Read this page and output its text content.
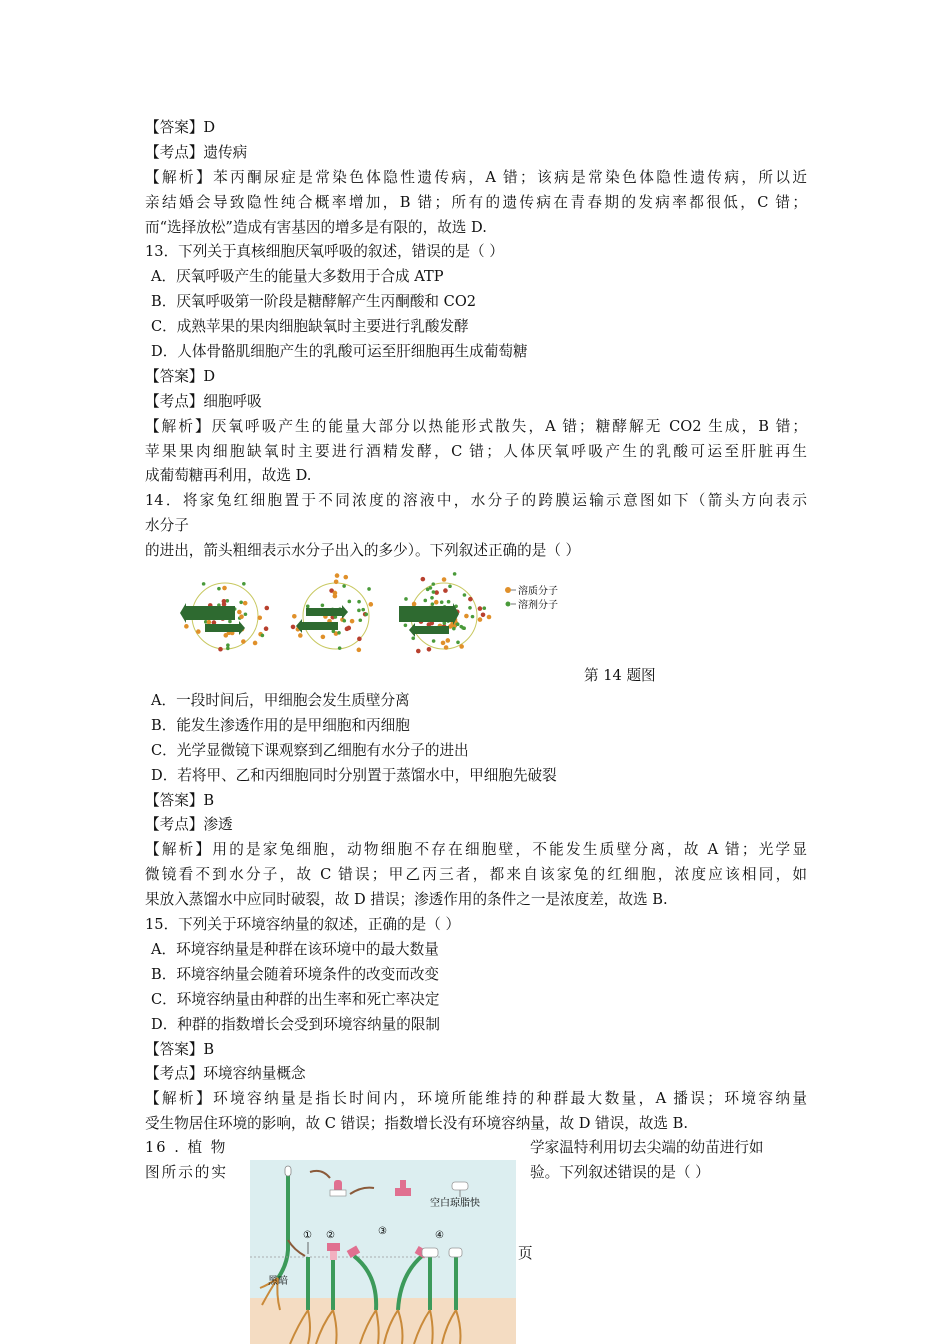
【答案】D
【考点】遗传病
【解析】苯丙酮尿症是常染色体隐性遗传病，A 错；该病是常染色体隐性遗传病，所以近
亲结婚会导致隐性纯合概率增加，B 错；所有的遗传病在青春期的发病率都很低，C 错；
而“选择放松”造成有害基因的增多是有限的，故选 D.
13．下列关于真核细胞厌氧呼吸的叙述，错误的是（ ）
A．厌氧呼吸产生的能量大多数用于合成 ATP
B．厌氧呼吸第一阶段是糖酵解产生丙酮酸和 CO2
C．成熟苹果的果肉细胞缺氧时主要进行乳酸发酵
D．人体骨骼肌细胞产生的乳酸可运至肝细胞再生成葡萄糖
【答案】D
【考点】细胞呼吸
【解析】厌氧呼吸产生的能量大部分以热能形式散失，A 错；糖酵解无 CO2 生成，B 错；
苹果果肉细胞缺氧时主要进行酒精发酵，C 错；人体厌氧呼吸产生的乳酸可运至肝脏再生
成葡萄糖再利用，故选 D.
14．将家兔红细胞置于不同浓度的溶液中，水分子的跨膜运输示意图如下（箭头方向表示
水分子
的进出，箭头粗细表示水分子出入的多少）。下列叙述正确的是（ ）
溶质分子
溶剂分子
第 14 题图
A．一段时间后，甲细胞会发生质壁分离
B．能发生渗透作用的是甲细胞和丙细胞
C．光学显微镜下课观察到乙细胞有水分子的进出
D．若将甲、乙和丙细胞同时分别置于蒸馏水中，甲细胞先破裂
【答案】B
【考点】渗透
【解析】用的是家兔细胞，动物细胞不存在细胞壁，不能发生质壁分离，故 A 错；光学显
微镜看不到水分子，故 C 错误；甲乙丙三者，都来自该家兔的红细胞，浓度应该相同，如
果放入蒸馏水中应同时破裂，故 D 措误；渗透作用的条件之一是浓度差，故选 B.
15．下列关于环境容纳量的叙述，正确的是（ ）
A．环境容纳量是种群在该环境中的最大数量
B．环境容纳量会随着环境条件的改变而改变
C．环境容纳量由种群的出生率和死亡率决定
D．种群的指数增长会受到环境容纳量的限制
【答案】B
【考点】环境容纳量概念
【解析】环境容纳量是指长时间内，环境所能维持的种群最大数量，A 播误；环境容纳量
受生物居住环境的影响，故 C 错误；指数增长没有环境容纳量，故 D 错误，故选 B.
16 . 植 物	学家温特利用切去尖端的幼苗进行如
图所示的实	验。下列叙述错误的是（ ）
页
空白琼脂快
① ②	③	④
黑暗
